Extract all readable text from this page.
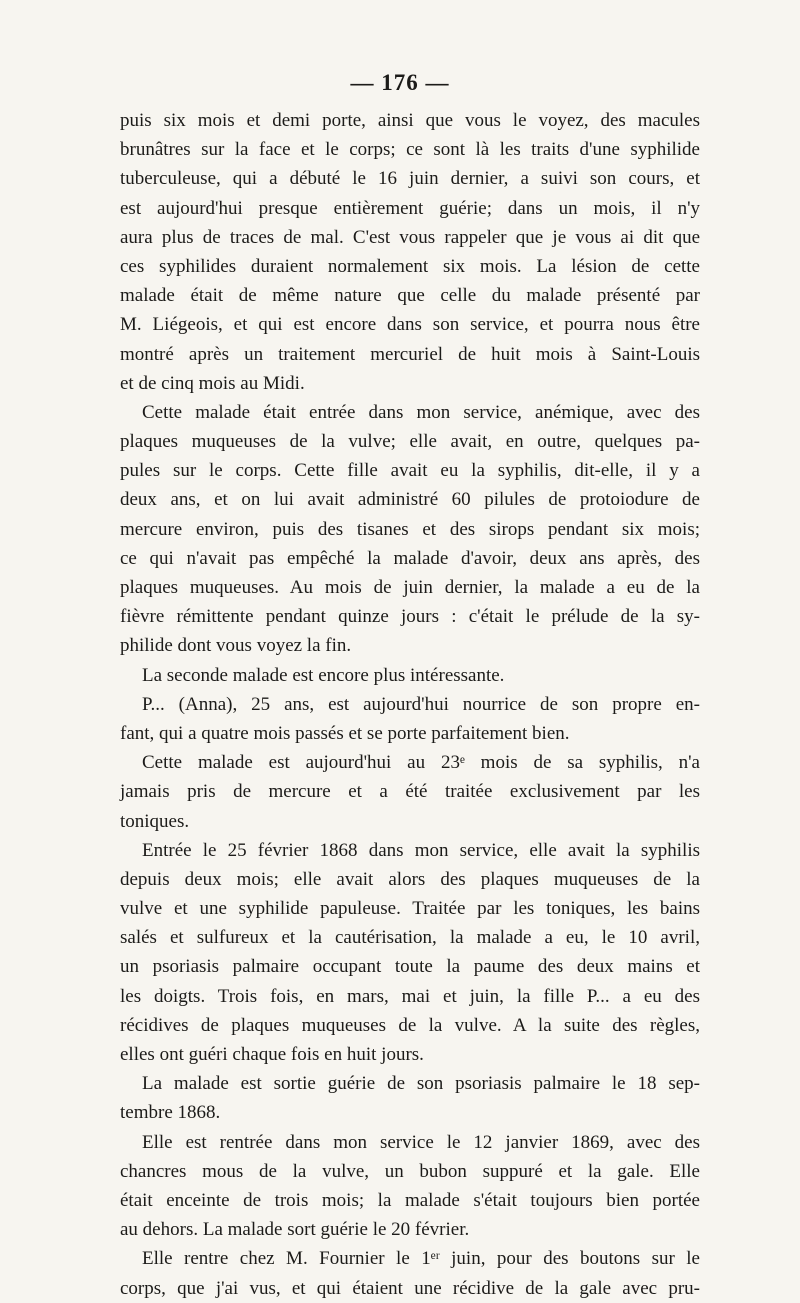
— 176 —
puis six mois et demi porte, ainsi que vous le voyez, des macules
brunâtres sur la face et le corps; ce sont là les traits d'une syphilide
tuberculeuse, qui a débuté le 16 juin dernier, a suivi son cours, et
est aujourd'hui presque entièrement guérie; dans un mois, il n'y
aura plus de traces de mal. C'est vous rappeler que je vous ai dit que
ces syphilides duraient normalement six mois. La lésion de cette
malade était de même nature que celle du malade présenté par
M. Liégeois, et qui est encore dans son service, et pourra nous être
montré après un traitement mercuriel de huit mois à Saint-Louis
et de cinq mois au Midi.
Cette malade était entrée dans mon service, anémique, avec des
plaques muqueuses de la vulve; elle avait, en outre, quelques pa-
pules sur le corps. Cette fille avait eu la syphilis, dit-elle, il y a
deux ans, et on lui avait administré 60 pilules de protoiodure de
mercure environ, puis des tisanes et des sirops pendant six mois;
ce qui n'avait pas empêché la malade d'avoir, deux ans après, des
plaques muqueuses. Au mois de juin dernier, la malade a eu de la
fièvre rémittente pendant quinze jours : c'était le prélude de la sy-
philide dont vous voyez la fin.
La seconde malade est encore plus intéressante.
P... (Anna), 25 ans, est aujourd'hui nourrice de son propre en-
fant, qui a quatre mois passés et se porte parfaitement bien.
Cette malade est aujourd'hui au 23ᵉ mois de sa syphilis, n'a
jamais pris de mercure et a été traitée exclusivement par les
toniques.
Entrée le 25 février 1868 dans mon service, elle avait la syphilis
depuis deux mois; elle avait alors des plaques muqueuses de la
vulve et une syphilide papuleuse. Traitée par les toniques, les bains
salés et sulfureux et la cautérisation, la malade a eu, le 10 avril,
un psoriasis palmaire occupant toute la paume des deux mains et
les doigts. Trois fois, en mars, mai et juin, la fille P... a eu des
récidives de plaques muqueuses de la vulve. A la suite des règles,
elles ont guéri chaque fois en huit jours.
La malade est sortie guérie de son psoriasis palmaire le 18 sep-
tembre 1868.
Elle est rentrée dans mon service le 12 janvier 1869, avec des
chancres mous de la vulve, un bubon suppuré et la gale. Elle
était enceinte de trois mois; la malade s'était toujours bien portée
au dehors. La malade sort guérie le 20 février.
Elle rentre chez M. Fournier le 1ᵉʳ juin, pour des boutons sur le
corps, que j'ai vus, et qui étaient une récidive de la gale avec pru-
